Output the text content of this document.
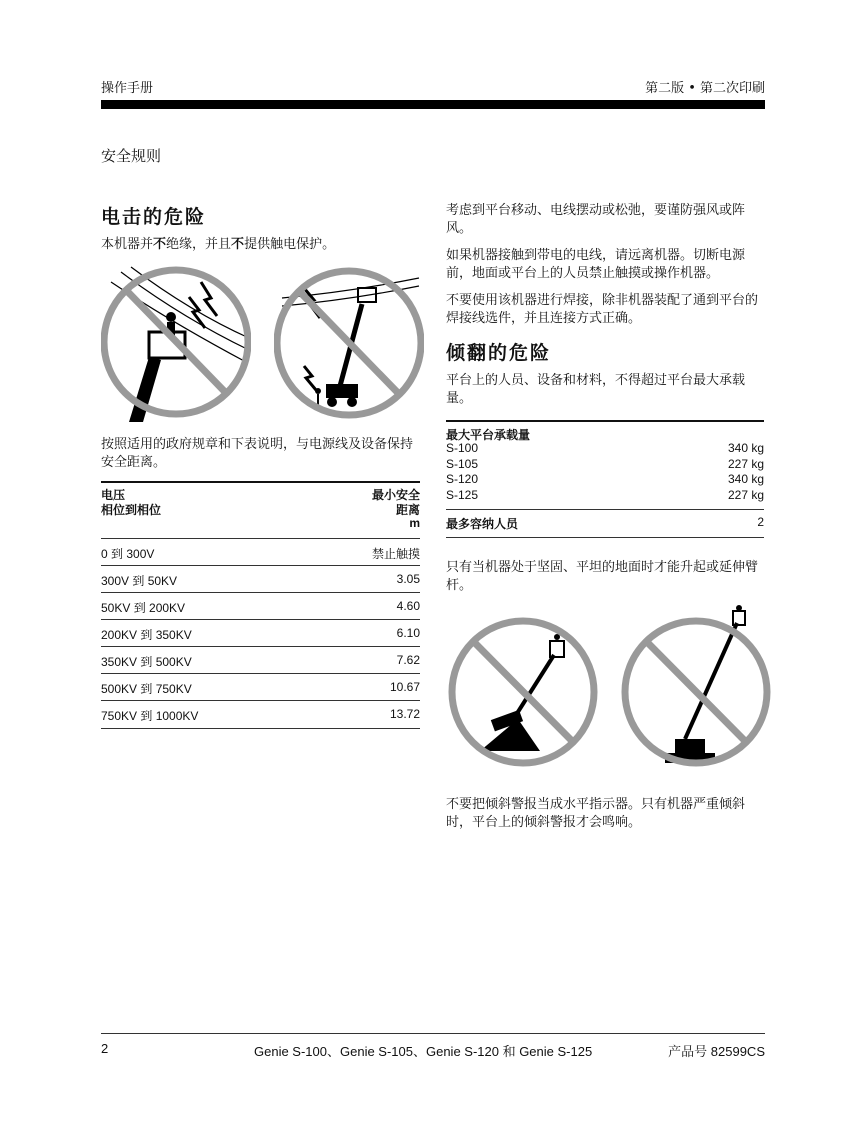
操作手册	第二版 • 第二次印刷
安全规则
电击的危险

本机器并不绝缘，并且不提供触电保护。

按照适用的政府规章和下表说明，与电源线及设备保持安全距离。

电压	最小安全
相位到相位	距离
m
0 到 300V	禁止触摸
300V 到 50KV	3.05
50KV 到 200KV	4.60
200KV 到 350KV	6.10
350KV 到 500KV	7.62
500KV 到 750KV	10.67
750KV 到 1000KV	13.72

考虑到平台移动、电线摆动或松弛，要谨防强风或阵风。

如果机器接触到带电的电线，请远离机器。切断电源前，地面或平台上的人员禁止触摸或操作机器。

不要使用该机器进行焊接，除非机器装配了通到平台的焊接线选件，并且连接方式正确。

倾翻的危险

平台上的人员、设备和材料，不得超过平台最大承载量。

最大平台承载量
S-100	340 kg
S-105	227 kg
S-120	340 kg
S-125	227 kg
最多容纳人员	2

只有当机器处于坚固、平坦的地面时才能升起或延伸臂杆。

不要把倾斜警报当成水平指示器。只有机器严重倾斜时，平台上的倾斜警报才会鸣响。

2	Genie S-100、Genie S-105、Genie S-120 和 Genie S-125	产品号 82599CS
